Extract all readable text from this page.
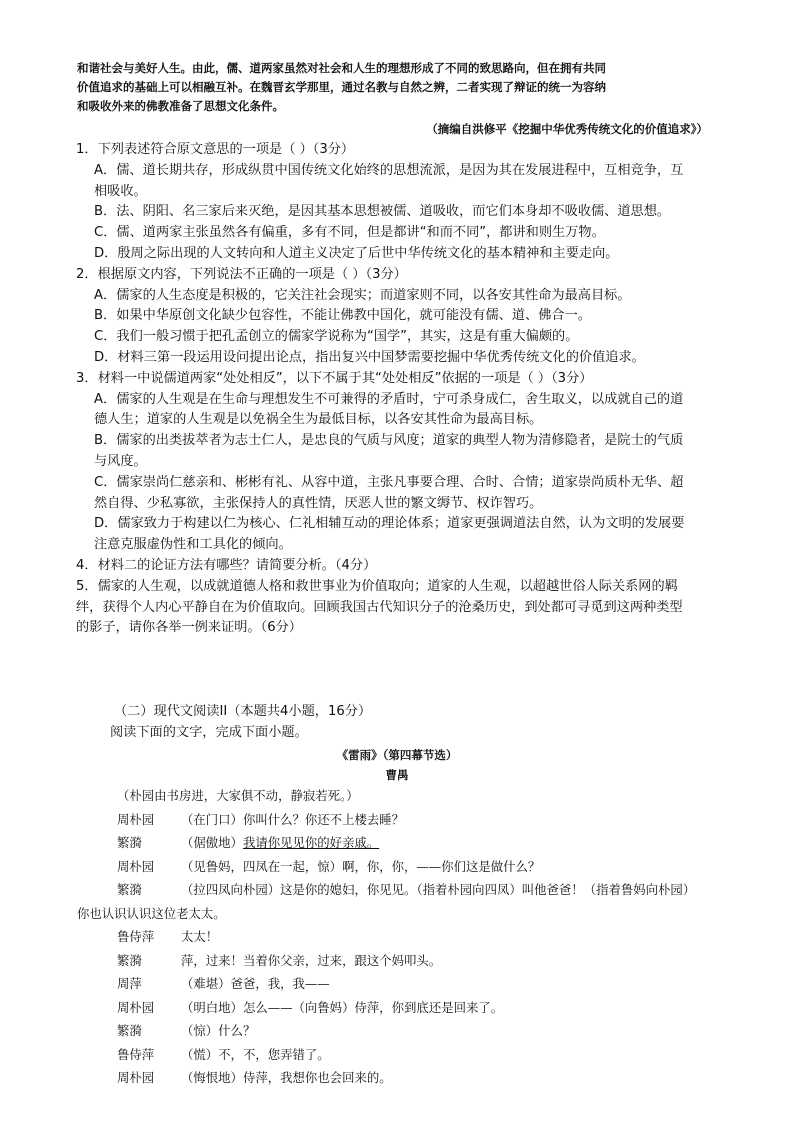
和谐社会与美好人生。由此，儒、道两家虽然对社会和人生的理想形成了不同的致思路向，但在拥有共同
价值追求的基础上可以相融互补。在魏晋玄学那里，通过名教与自然之辨，二者实现了辩证的统一为容纳
和吸收外来的佛教准备了思想文化条件。
（摘编自洪修平《挖掘中华优秀传统文化的价值追求》）
1．下列表述符合原文意思的一项是（ ）（3分）
A．儒、道长期共存，形成纵贯中国传统文化始终的思想流派，是因为其在发展进程中，互相竞争，互
相吸收。
B．法、阴阳、名三家后来灭绝，是因其基本思想被儒、道吸收，而它们本身却不吸收儒、道思想。
C．儒、道两家主张虽然各有偏重，多有不同，但是都讲“和而不同”，都讲和则生万物。
D．殷周之际出现的人文转向和人道主义决定了后世中华传统文化的基本精神和主要走向。
2．根据原文内容，下列说法不正确的一项是（ ）（3分）
A．儒家的人生态度是积极的，它关注社会现实；而道家则不同，以各安其性命为最高目标。
B．如果中华原创文化缺少包容性，不能让佛教中国化，就可能没有儒、道、佛合一。
C．我们一般习惯于把孔孟创立的儒家学说称为“国学”，其实，这是有重大偏颇的。
D．材料三第一段运用设问提出论点，指出复兴中国梦需要挖掘中华优秀传统文化的价值追求。
3．材料一中说儒道两家“处处相反”，以下不属于其“处处相反”依据的一项是（ ）（3分）
A．儒家的人生观是在生命与理想发生不可兼得的矛盾时，宁可杀身成仁，舍生取义，以成就自己的道
德人生；道家的人生观是以免祸全生为最低目标，以各安其性命为最高目标。
B．儒家的出类拔萃者为志士仁人，是忠良的气质与风度；道家的典型人物为清修隐者，是院士的气质
与风度。
C．儒家崇尚仁慈亲和、彬彬有礼、从容中道，主张凡事要合理、合时、合情；道家崇尚质朴无华、超
然自得、少私寡欲，主张保持人的真性情，厌恶人世的繁文缛节、权诈智巧。
D．儒家致力于构建以仁为核心、仁礼相辅互动的理论体系；道家更强调道法自然，认为文明的发展要
注意克服虚伪性和工具化的倾向。
4．材料二的论证方法有哪些？请简要分析。（4分）
5．儒家的人生观，以成就道德人格和救世事业为价值取向；道家的人生观，以超越世俗人际关系网的羁
绊，获得个人内心平静自在为价值取向。回顾我国古代知识分子的沧桑历史，到处都可寻觅到这两种类型
的影子，请你各举一例来证明。（6分）
（二）现代文阅读II（本题共4小题，16分）
阅读下面的文字，完成下面小题。
《雷雨》（第四幕节选）
曹禺
（朴园由书房进，大家俱不动，静寂若死。）
周朴园 （在门口）你叫什么？你还不上楼去睡？
繁漪	（倨傲地）我请你见见你的好亲戚。
周朴园 （见鲁妈，四凤在一起，惊）啊，你，你，——你们这是做什么？
繁漪	（拉四凤向朴园）这是你的媳妇，你见见。（指着朴园向四凤）叫他爸爸！（指着鲁妈向朴园）
你也认识认识这位老太太。
鲁侍萍 太太！
繁漪	萍，过来！当着你父亲，过来，跟这个妈叩头。
周萍	（难堪）爸爸，我，我——
周朴园 （明白地）怎么——（向鲁妈）侍萍，你到底还是回来了。
繁漪	（惊）什么？
鲁侍萍 （慌）不，不，您弄错了。
周朴园 （悔恨地）侍萍，我想你也会回来的。
